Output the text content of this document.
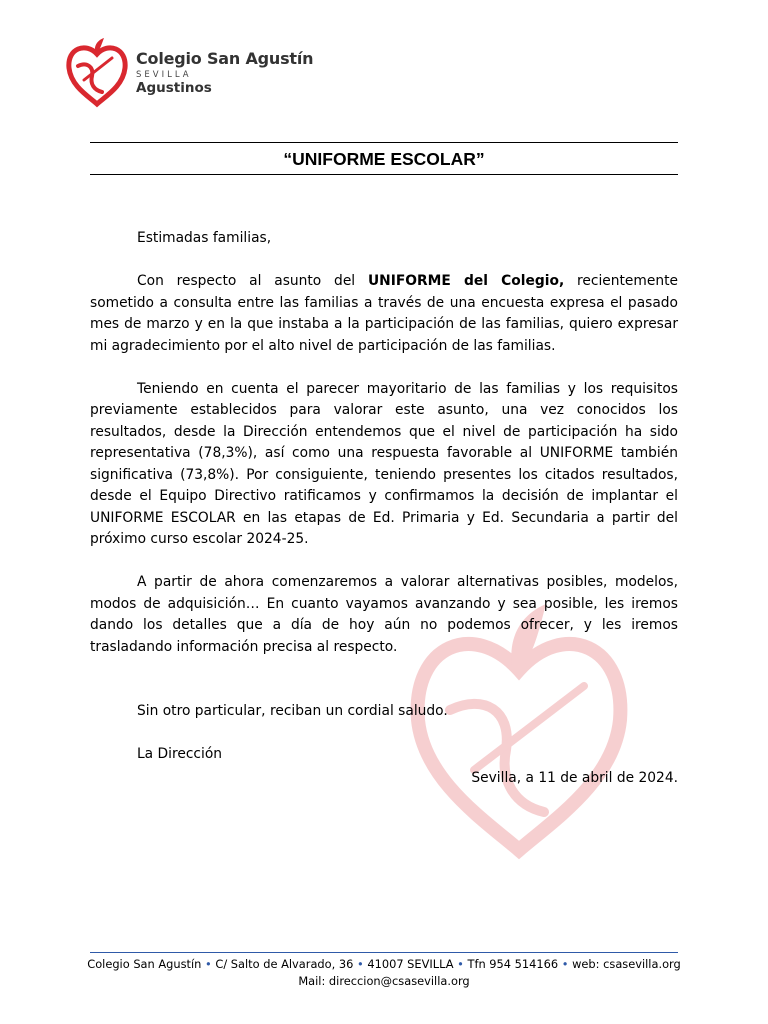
Colegio San Agustín
SEVILLA
Agustinos
“UNIFORME ESCOLAR”

Estimadas familias,

Con respecto al asunto del UNIFORME del Colegio, recientemente sometido a consulta entre las familias a través de una encuesta expresa el pasado mes de marzo y en la que instaba a la participación de las familias, quiero expresar mi agradecimiento por el alto nivel de participación de las familias.

Teniendo en cuenta el parecer mayoritario de las familias y los requisitos previamente establecidos para valorar este asunto, una vez conocidos los resultados, desde la Dirección entendemos que el nivel de participación ha sido representativa (78,3%), así como una respuesta favorable al UNIFORME también significativa (73,8%). Por consiguiente, teniendo presentes los citados resultados, desde el Equipo Directivo ratificamos y confirmamos la decisión de implantar el UNIFORME ESCOLAR en las etapas de Ed. Primaria y Ed. Secundaria a partir del próximo curso escolar 2024-25.

A partir de ahora comenzaremos a valorar alternativas posibles, modelos, modos de adquisición… En cuanto vayamos avanzando y sea posible, les iremos dando los detalles que a día de hoy aún no podemos ofrecer, y les iremos trasladando información precisa al respecto.

Sin otro particular, reciban un cordial saludo.

La Dirección

Sevilla, a 11 de abril de 2024.
Colegio San Agustín • C/ Salto de Alvarado, 36 • 41007 SEVILLA • Tfn 954 514166 • web: csasevilla.org
Mail: direccion@csasevilla.org
